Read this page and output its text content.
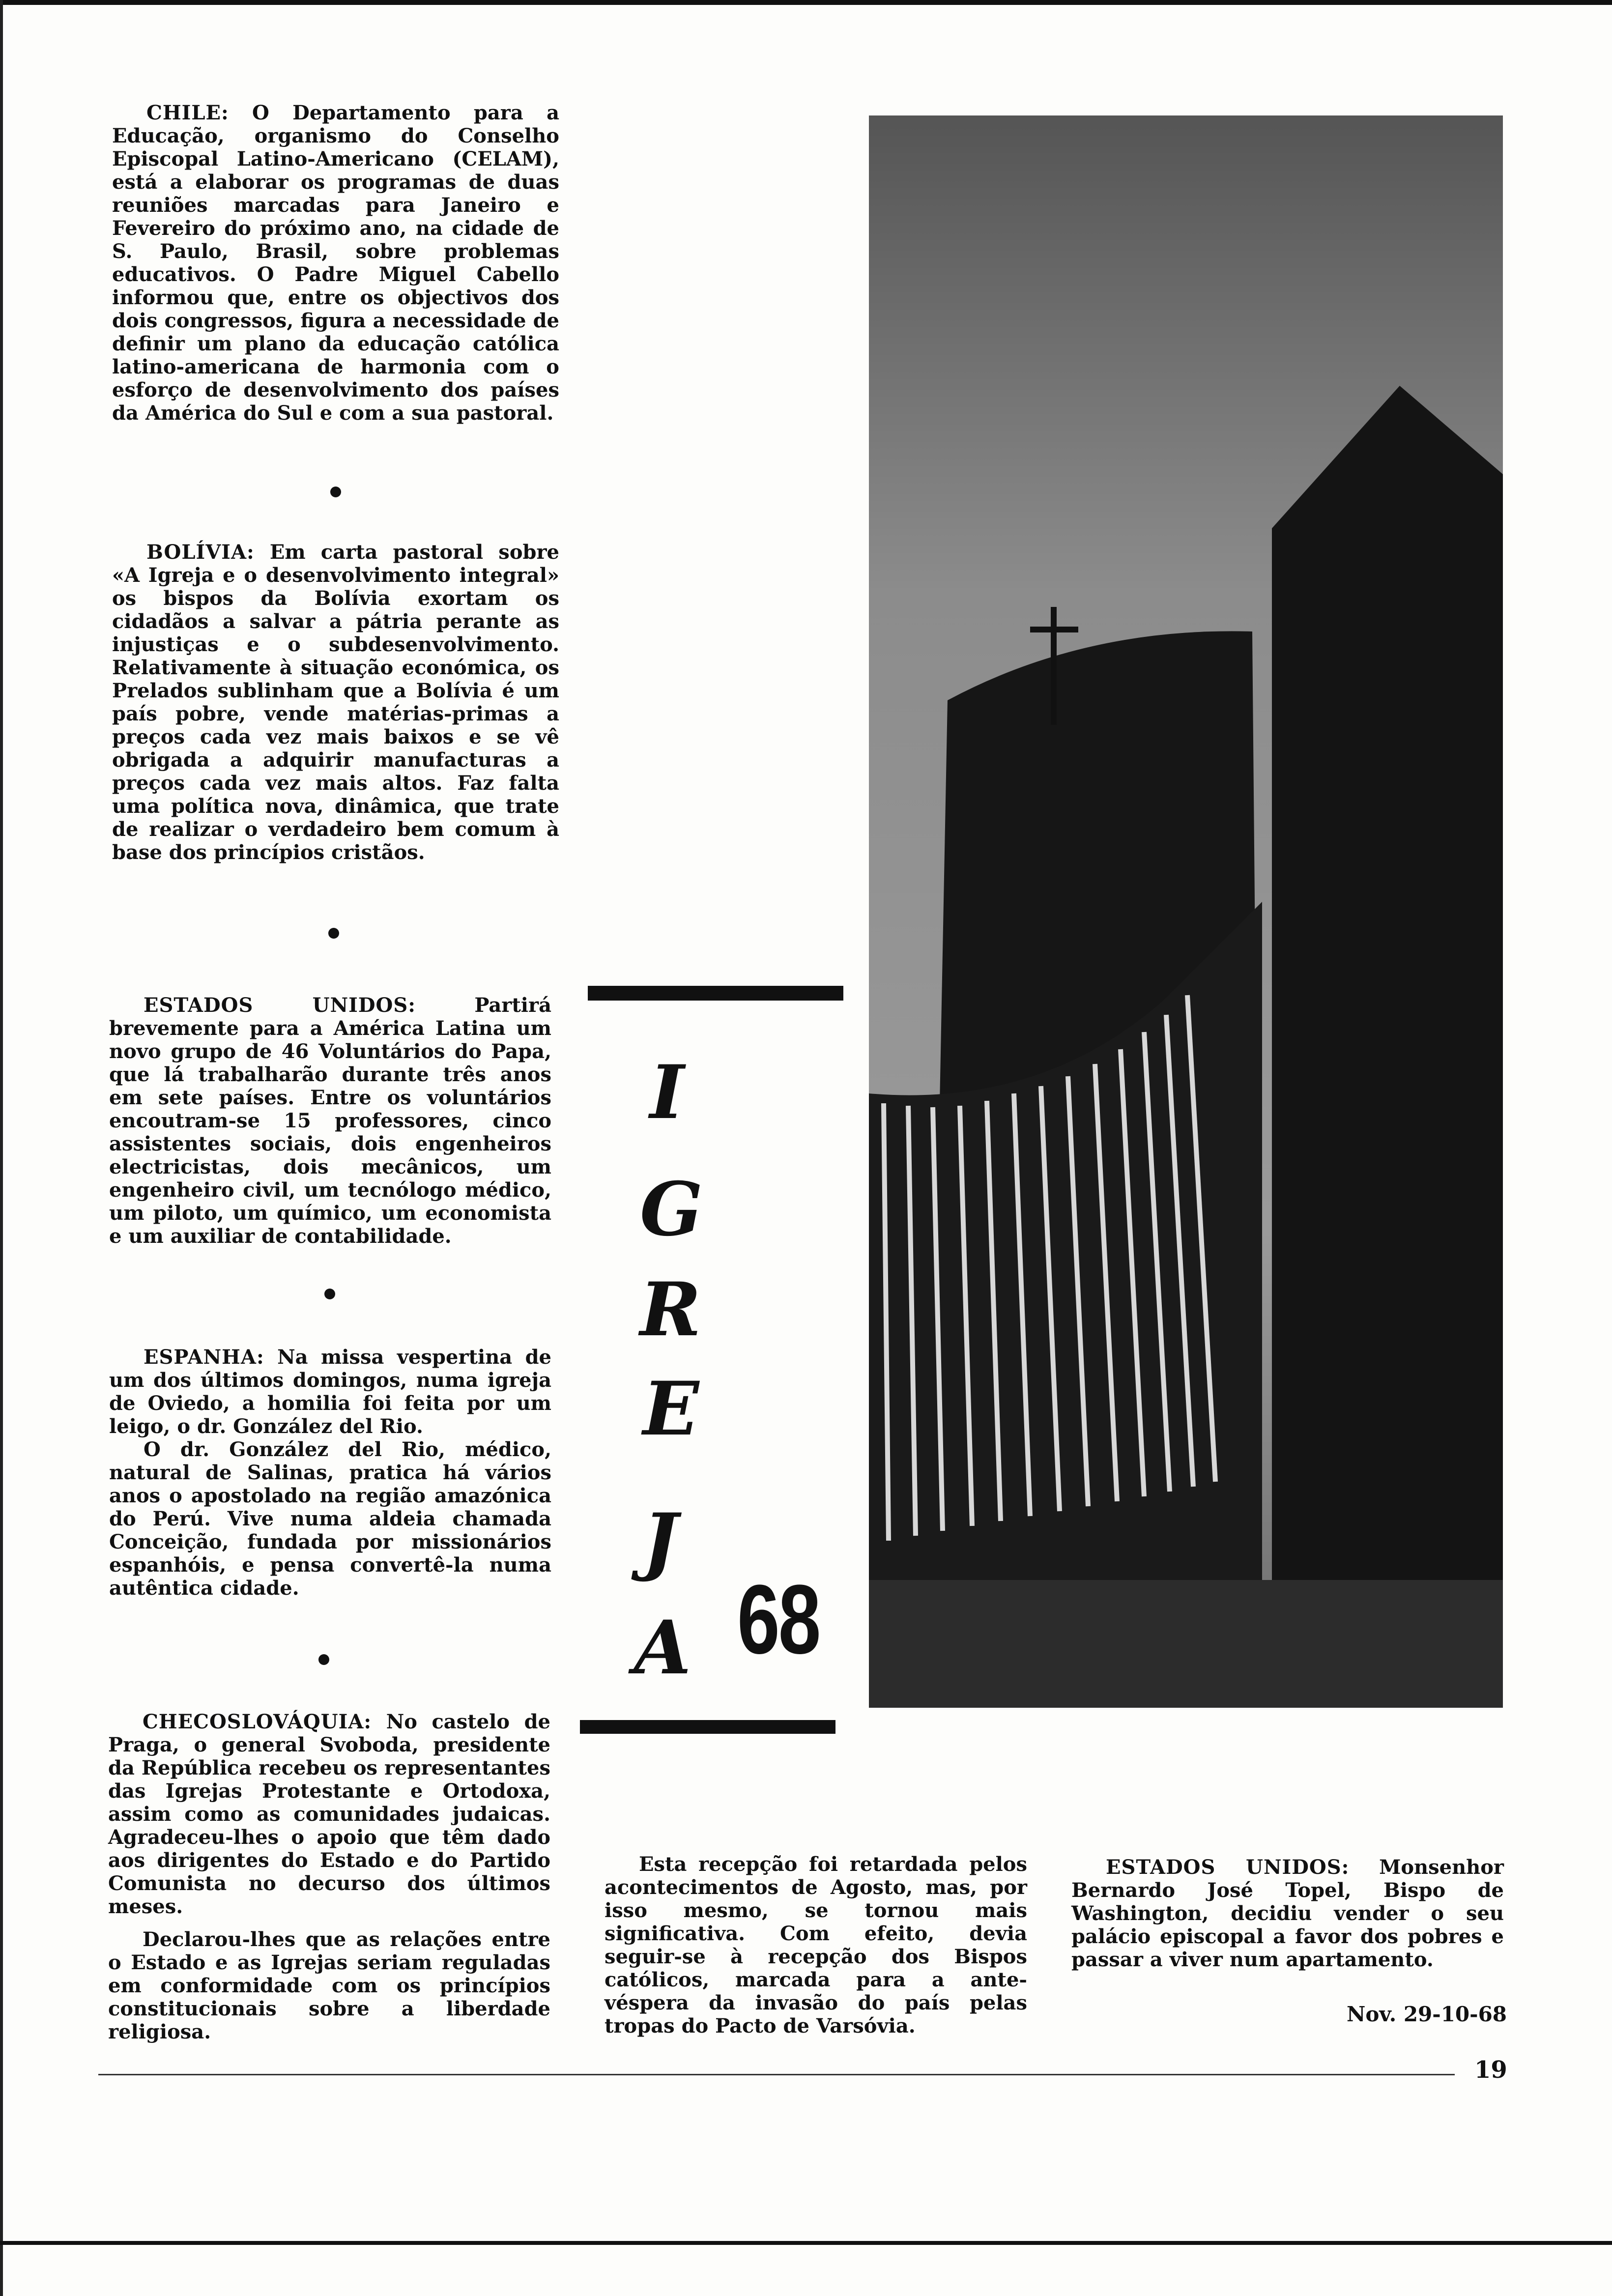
CHILE: O Departamento para a Educação, organismo do Conselho Episcopal Latino-Americano (CELAM), está a elaborar os programas de duas reuniões marcadas para Janeiro e Fevereiro do próximo ano, na cidade de S. Paulo, Brasil, sobre problemas educativos. O Padre Miguel Cabello informou que, entre os objectivos dos dois congressos, figura a necessidade de definir um plano da educação católica latino-americana de harmonia com o esforço de desenvolvimento dos países da América do Sul e com a sua pastoral.

BOLÍVIA: Em carta pastoral sobre «A Igreja e o desenvolvimento integral» os bispos da Bolívia exortam os cidadãos a salvar a pátria perante as injustiças e o subdesenvolvimento. Relativamente à situação económica, os Prelados sublinham que a Bolívia é um país pobre, vende matérias-primas a preços cada vez mais baixos e se vê obrigada a adquirir manufacturas a preços cada vez mais altos. Faz falta uma política nova, dinâmica, que trate de realizar o verdadeiro bem comum à base dos princípios cristãos.

ESTADOS UNIDOS:	Partirá brevemente para a América Latina um novo grupo de 46 Voluntários do Papa, que lá trabalharão durante três anos em sete países. Entre os voluntários encoutram-se 15 professores, cinco assistentes sociais, dois engenheiros electricistas, dois mecânicos, um engenheiro civil, um tecnólogo médico, um piloto, um químico, um economista e um auxiliar de contabilidade.

ESPANHA: Na missa vespertina de um dos últimos domingos, numa igreja de Oviedo, a homilia foi feita por um leigo, o dr. González del Rio.

O dr. González del Rio, médico, natural de Salinas, pratica há vários anos o apostolado na região amazónica do Perú. Vive numa aldeia chamada Conceição, fundada por missionários espanhóis, e pensa convertê-la numa autêntica cidade.

CHECOSLOVÁQUIA: No castelo de Praga, o general Svoboda, presidente da República recebeu os representantes das Igrejas Protestante e Ortodoxa, assim como as comunidades judaicas. Agradeceu-lhes o apoio que têm dado aos dirigentes do Estado e do Partido Comunista no decurso dos últimos meses.

Declarou-lhes que as relações entre o Estado e as Igrejas seriam reguladas em conformidade com os princípios constitucionais sobre a liberdade religiosa.

I
G
R
E
J
A 68

Esta recepção foi retardada pelos acontecimentos de Agosto, mas, por isso mesmo, se tornou mais significativa. Com efeito, devia seguir-se à recepção dos Bispos católicos, marcada para a ante-véspera da invasão do país pelas tropas do Pacto de Varsóvia.

ESTADOS UNIDOS: Monsenhor Bernardo José Topel, Bispo de Washington, decidiu vender o seu palácio episcopal a favor dos pobres e passar a viver num apartamento.

Nov. 29-10-68
19
